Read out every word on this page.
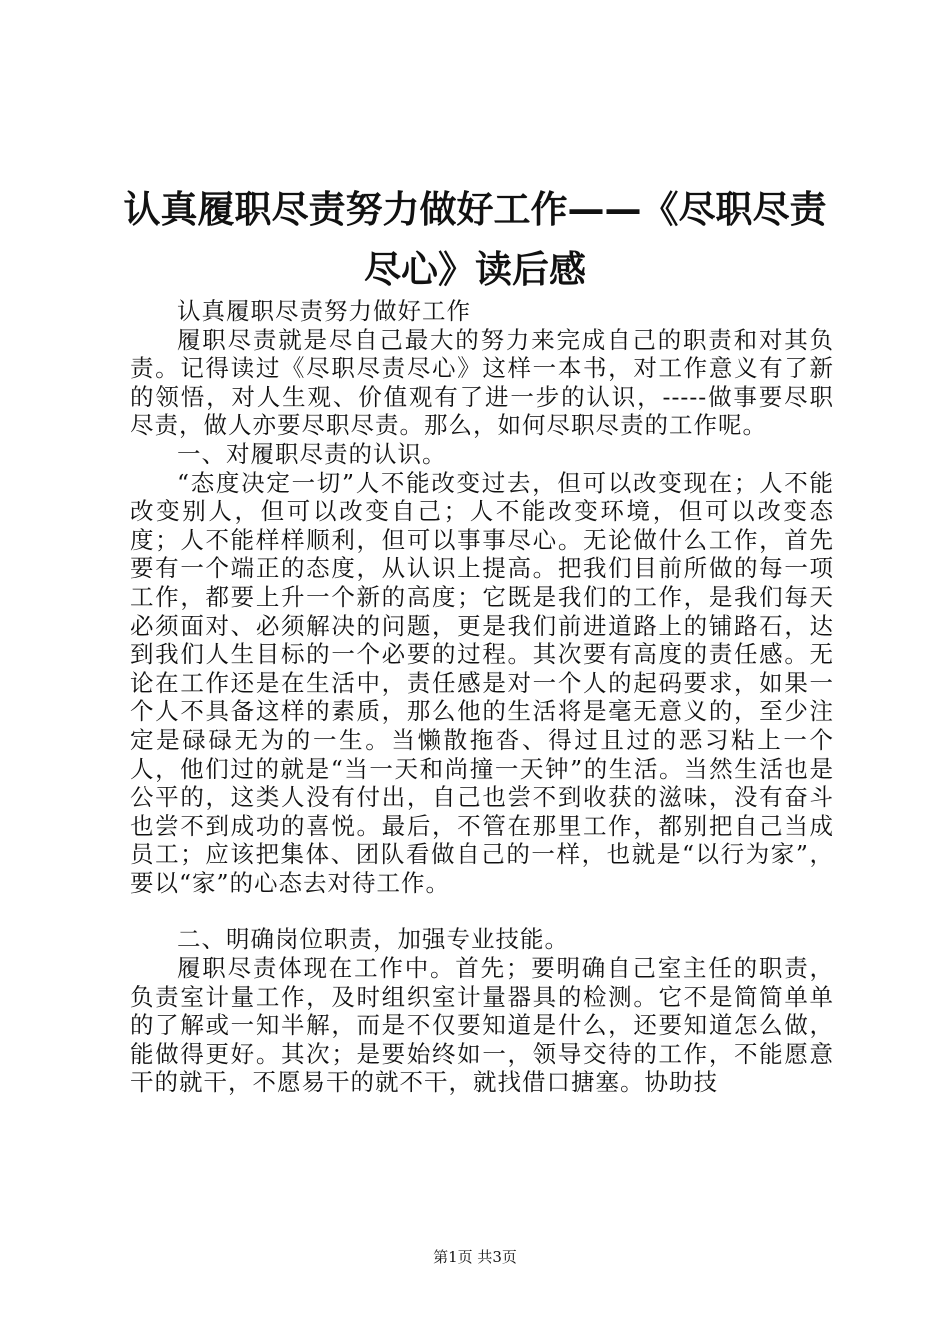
认真履职尽责努力做好工作——《尽职尽责尽心》读后感

认真履职尽责努力做好工作

履职尽责就是尽自己最大的努力来完成自己的职责和对其负责。记得读过《尽职尽责尽心》这样一本书，对工作意义有了新的领悟，对人生观、价值观有了进一步的认识，-----做事要尽职尽责，做人亦要尽职尽责。那么，如何尽职尽责的工作呢。

一、对履职尽责的认识。

“态度决定一切”人不能改变过去，但可以改变现在；人不能改变别人，但可以改变自己；人不能改变环境，但可以改变态度；人不能样样顺利，但可以事事尽心。无论做什么工作，首先要有一个端正的态度，从认识上提高。把我们目前所做的每一项工作，都要上升一个新的高度；它既是我们的工作，是我们每天必须面对、必须解决的问题，更是我们前进道路上的铺路石，达到我们人生目标的一个必要的过程。其次要有高度的责任感。无论在工作还是在生活中，责任感是对一个人的起码要求，如果一个人不具备这样的素质，那么他的生活将是毫无意义的，至少注定是碌碌无为的一生。当懒散拖沓、得过且过的恶习粘上一个人，他们过的就是“当一天和尚撞一天钟”的生活。当然生活也是公平的，这类人没有付出，自己也尝不到收获的滋味，没有奋斗也尝不到成功的喜悦。最后，不管在那里工作，都别把自己当成员工；应该把集体、团队看做自己的一样，也就是“以行为家”，要以“家”的心态去对待工作。

二、明确岗位职责，加强专业技能。

履职尽责体现在工作中。首先；要明确自己室主任的职责，负责室计量工作，及时组织室计量器具的检测。它不是简简单单的了解或一知半解，而是不仅要知道是什么，还要知道怎么做，能做得更好。其次；是要始终如一，领导交待的工作，不能愿意干的就干，不愿易干的就不干，就找借口搪塞。协助技

第1页 共3页
